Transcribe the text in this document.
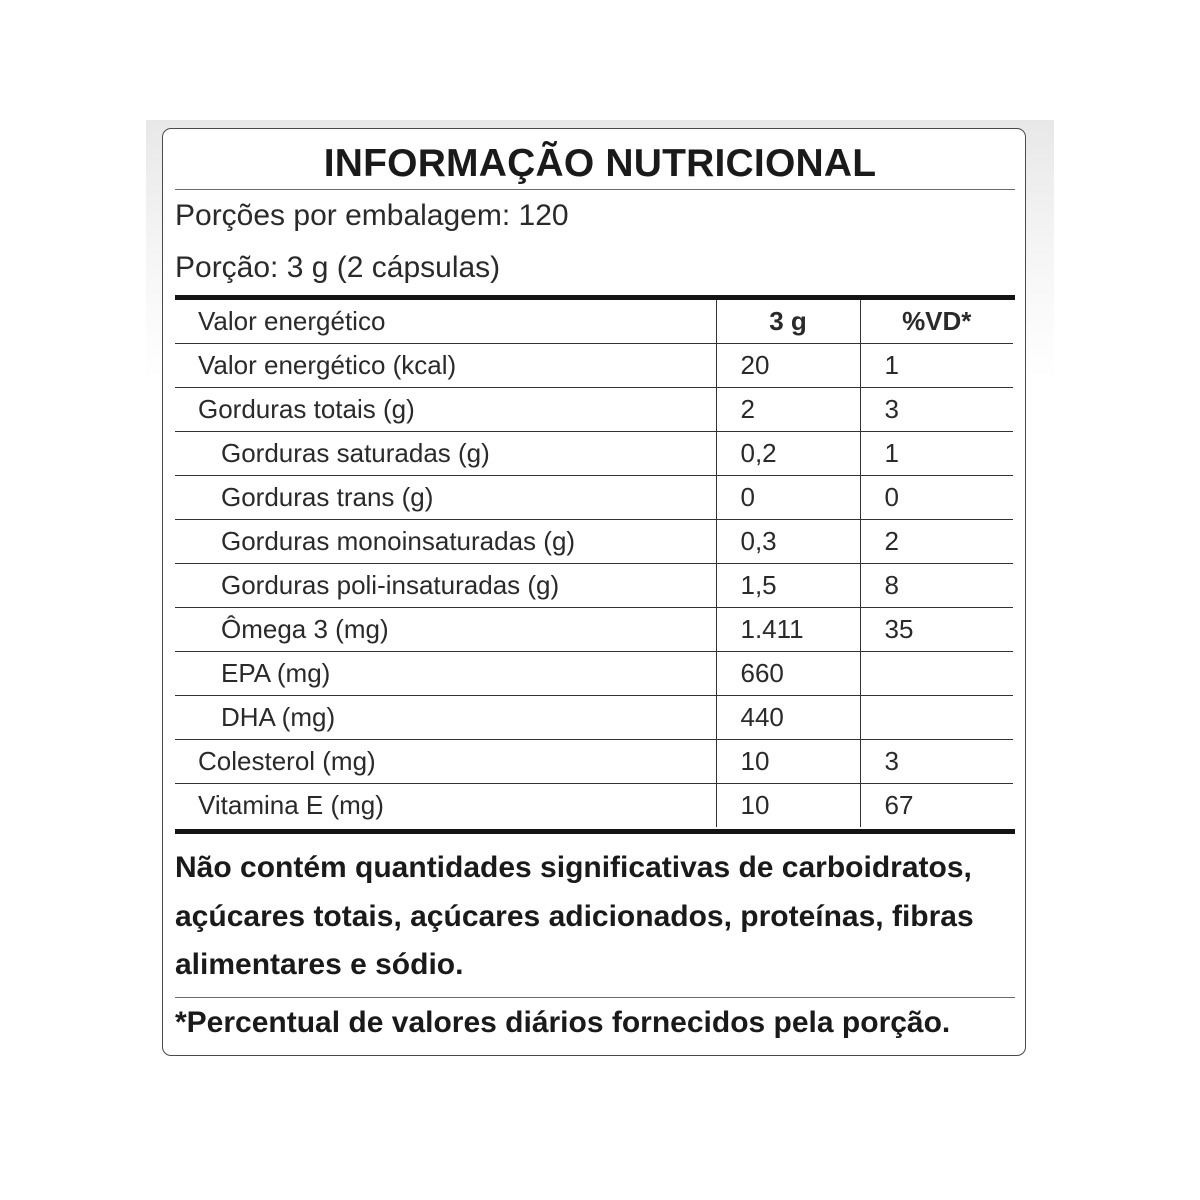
INFORMAÇÃO NUTRICIONAL
Porções por embalagem: 120
Porção: 3 g (2 cápsulas)
Valor energético	3 g	%VD*
Valor energético (kcal)	20	1
Gorduras totais (g)	2	3
Gorduras saturadas (g)	0,2	1
Gorduras trans (g)	0	0
Gorduras monoinsaturadas (g)	0,3	2
Gorduras poli-insaturadas (g)	1,5	8
Ômega 3 (mg)	1.411	35
EPA (mg)	660	
DHA (mg)	440	
Colesterol (mg)	10	3
Vitamina E (mg)	10	67
Não contém quantidades significativas de carboidratos, açúcares totais, açúcares adicionados, proteínas, fibras alimentares e sódio.
*Percentual de valores diários fornecidos pela porção.
